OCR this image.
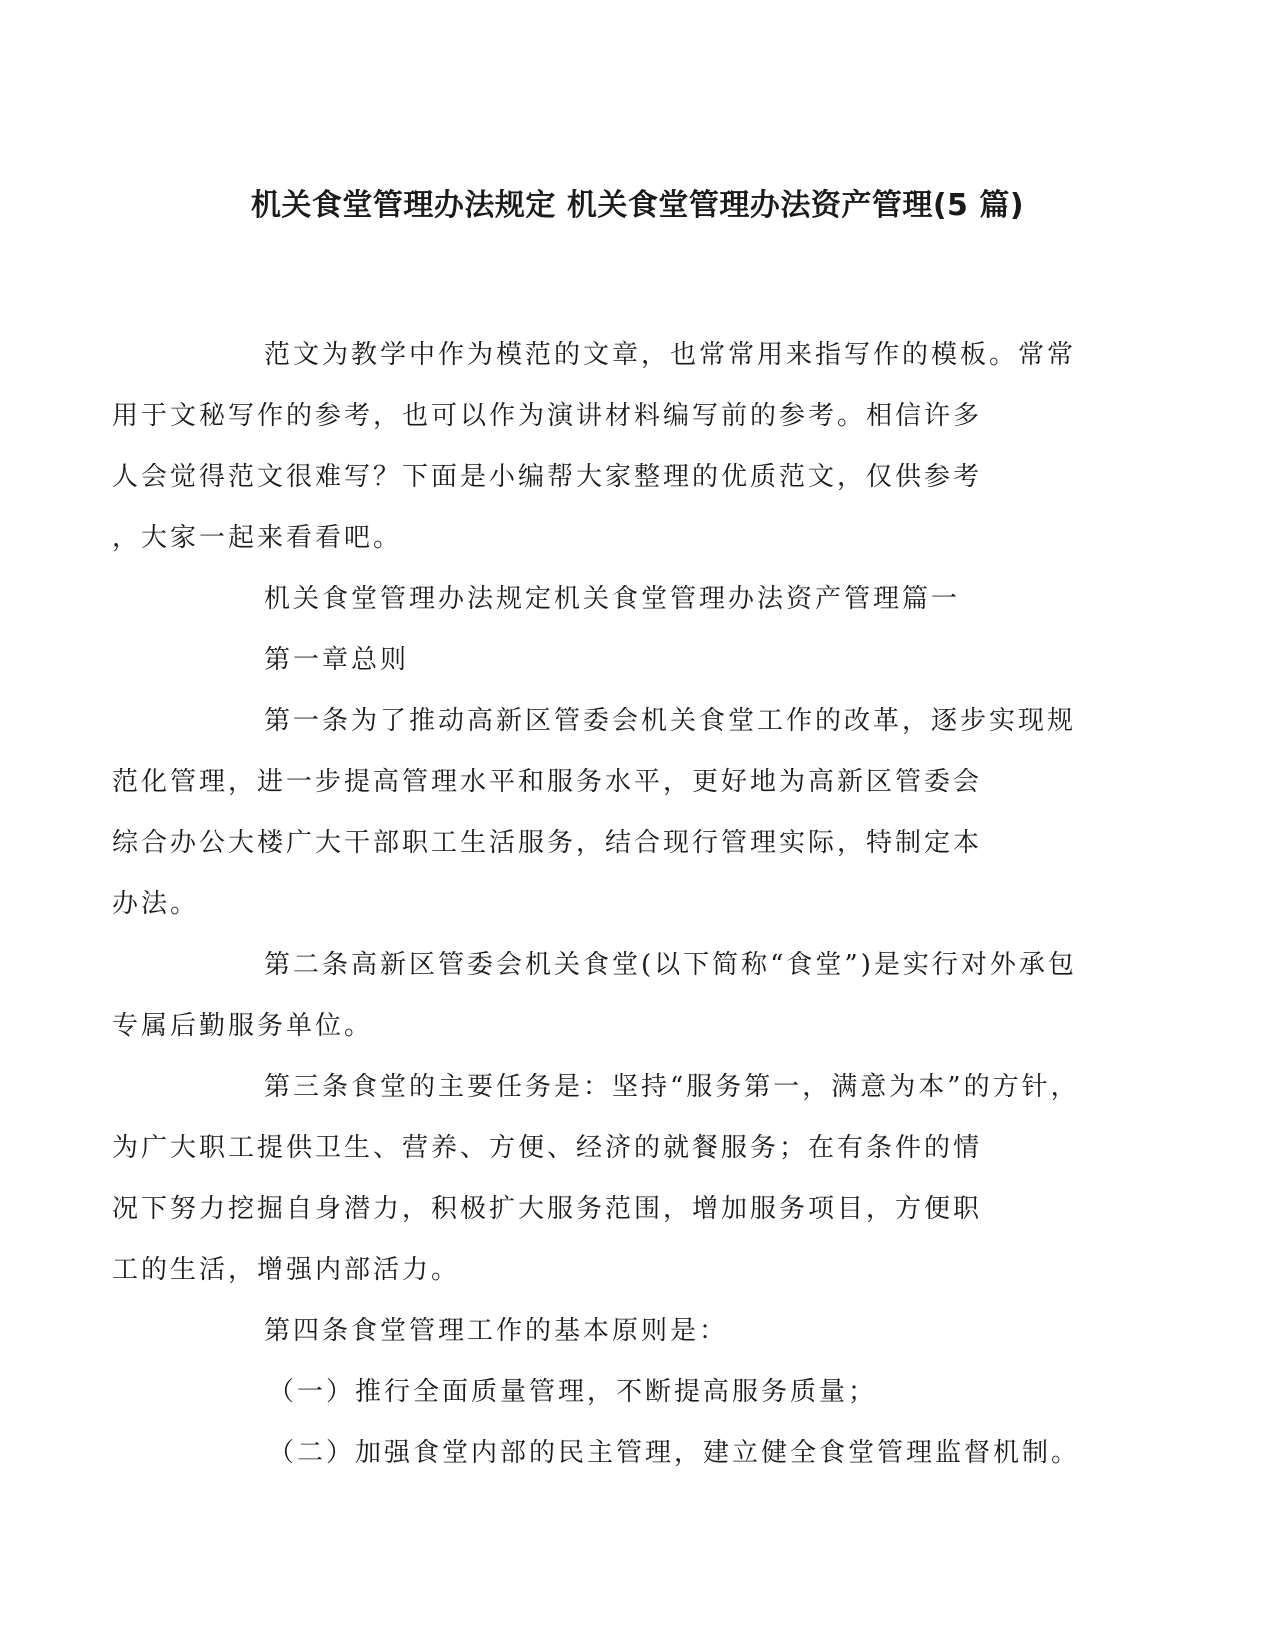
机关食堂管理办法规定 机关食堂管理办法资产管理(5 篇)

范文为教学中作为模范的文章，也常常用来指写作的模板。常常
用于文秘写作的参考，也可以作为演讲材料编写前的参考。相信许多
人会觉得范文很难写？下面是小编帮大家整理的优质范文，仅供参考
，大家一起来看看吧。

机关食堂管理办法规定机关食堂管理办法资产管理篇一

第一章总则

第一条为了推动高新区管委会机关食堂工作的改革，逐步实现规
范化管理，进一步提高管理水平和服务水平，更好地为高新区管委会
综合办公大楼广大干部职工生活服务，结合现行管理实际，特制定本
办法。

第二条高新区管委会机关食堂(以下简称“食堂”)是实行对外承包
专属后勤服务单位。

第三条食堂的主要任务是：坚持“服务第一，满意为本”的方针，
为广大职工提供卫生、营养、方便、经济的就餐服务；在有条件的情
况下努力挖掘自身潜力，积极扩大服务范围，增加服务项目，方便职
工的生活，增强内部活力。

第四条食堂管理工作的基本原则是：

（一）推行全面质量管理，不断提高服务质量；

（二）加强食堂内部的民主管理，建立健全食堂管理监督机制。
